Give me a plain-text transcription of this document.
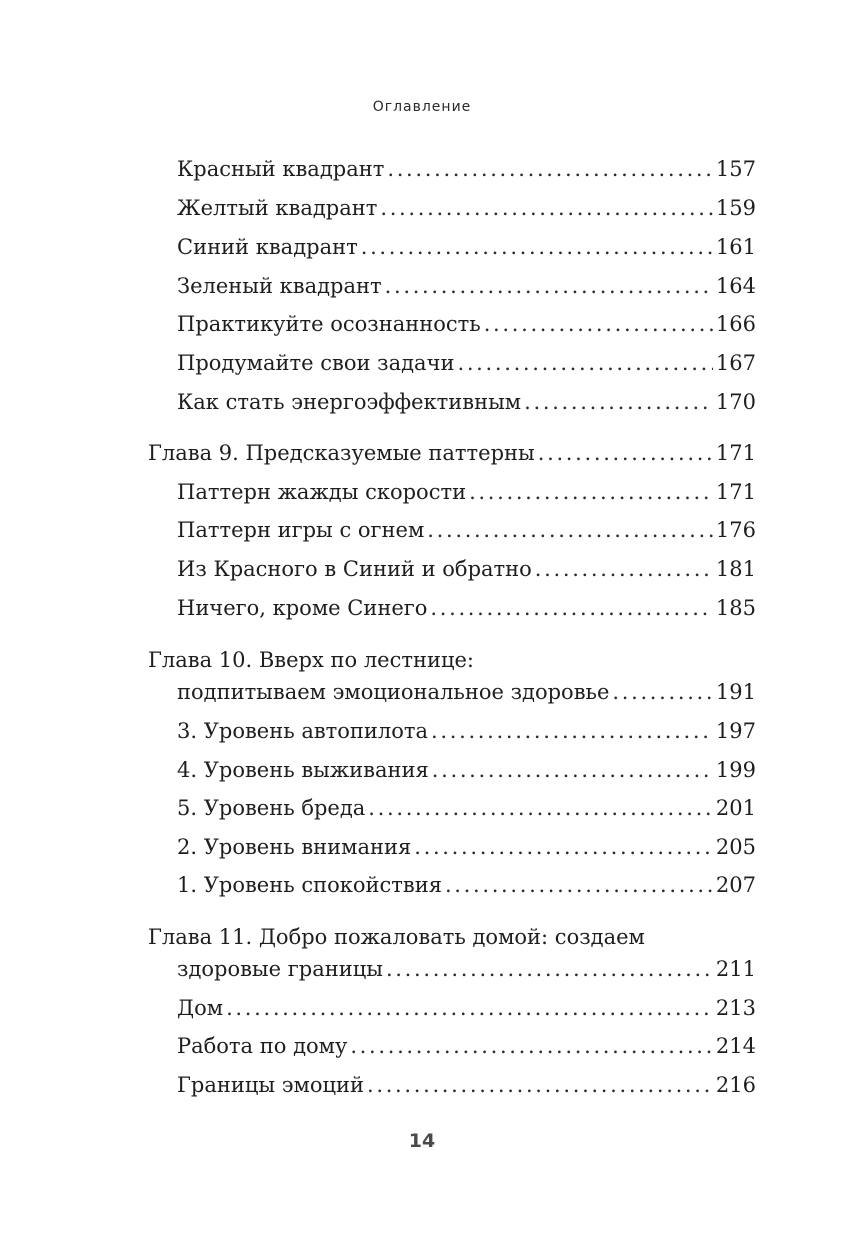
Оглавление
Красный квадрант . . .	157
Желтый квадрант . . .	159
Синий квадрант . . .	161
Зеленый квадрант . . .	164
Практикуйте осознанность . . .	166
Продумайте свои задачи . . .	167
Как стать энергоэффективным . . .	170
Глава 9. Предсказуемые паттерны . . .	171
Паттерн жажды скорости . . .	171
Паттерн игры с огнем . . .	176
Из Красного в Синий и обратно . . .	181
Ничего, кроме Синего . . .	185
Глава 10. Вверх по лестнице:
подпитываем эмоциональное здоровье . . .	191
3. Уровень автопилота . . .	197
4. Уровень выживания . . .	199
5. Уровень бреда . . .	201
2. Уровень внимания . . .	205
1. Уровень спокойствия . . .	207
Глава 11. Добро пожаловать домой: создаем
здоровые границы . . .	211
Дом . . .	213
Работа по дому . . .	214
Границы эмоций . . .	216
14
